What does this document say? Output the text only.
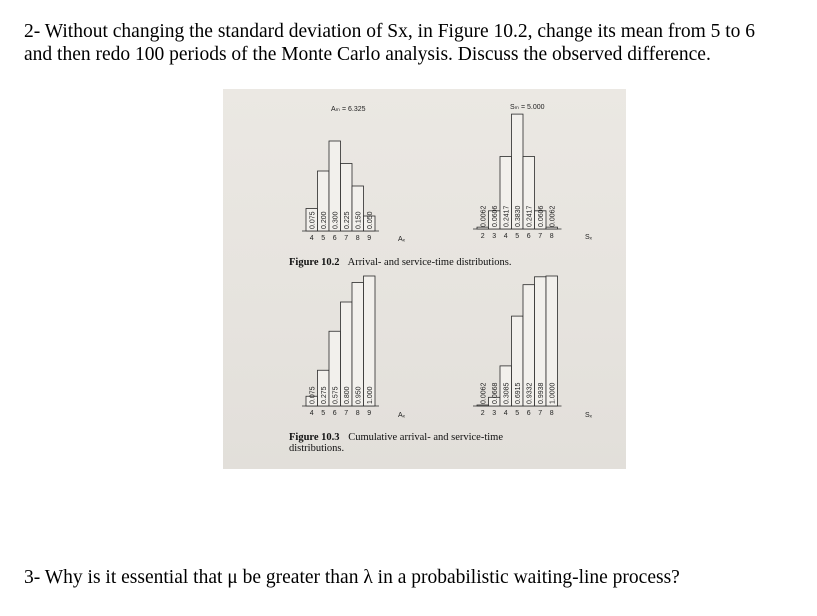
2- Without changing the standard deviation of Sx, in Figure 10.2, change its mean from 5 to 6
and then redo 100 periods of the Monte Carlo analysis. Discuss the observed difference.
Aₘ = 6.325	Sₘ = 5.000
Aₓ	Sₓ
Figure 10.2 Arrival- and service-time distributions.
Aₓ	Sₓ
Figure 10.3 Cumulative arrival- and service-time
distributions.
0.075
4
0.200
5
0.300
6
0.225
7
0.150
8
0.050
9
0.0062
2
0.0606
3
0.2417
4
0.3830
5
0.2417
6
0.0606
7
0.0062
8
0.075
4
0.275
5
0.575
6
0.800
7
0.950
8
1.000
9
0.0062
2
0.0668
3
0.3085
4
0.6915
5
0.9332
6
0.9938
7
1.0000
8
3- Why is it essential that μ be greater than λ in a probabilistic waiting-line process?
